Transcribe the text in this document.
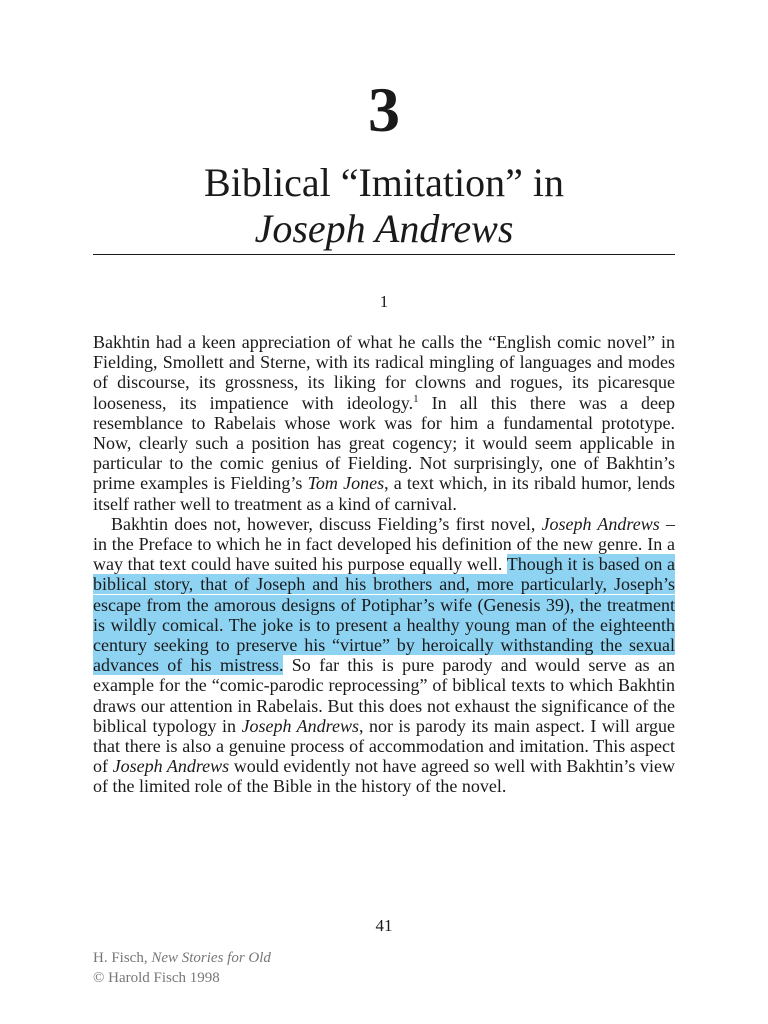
3
Biblical “Imitation” in
Joseph Andrews
1

Bakhtin had a keen appreciation of what he calls the “English comic novel” in Fielding, Smollett and Sterne, with its radical mingling of languages and modes of discourse, its grossness, its liking for clowns and rogues, its picaresque looseness, its impatience with ideology.$^1$ In all this there was a deep resemblance to Rabelais whose work was for him a fundamental prototype. Now, clearly such a position has great cogency; it would seem applicable in particular to the comic genius of Fielding. Not surprisingly, one of Bakhtin’s prime examples is Fielding’s Tom Jones, a text which, in its ribald humor, lends itself rather well to treatment as a kind of carnival.

Bakhtin does not, however, discuss Fielding’s first novel, Joseph Andrews – in the Preface to which he in fact developed his definition of the new genre. In a way that text could have suited his purpose equally well. Though it is based on a biblical story, that of Joseph and his brothers and, more particularly, Joseph’s escape from the amorous designs of Potiphar’s wife (Genesis 39), the treatment is wildly comical. The joke is to present a healthy young man of the eighteenth century seeking to preserve his “virtue” by heroically withstanding the sexual advances of his mistress. So far this is pure parody and would serve as an example for the “comic-parodic reprocessing” of biblical texts to which Bakhtin draws our attention in Rabelais. But this does not exhaust the significance of the biblical typology in Joseph Andrews, nor is parody its main aspect. I will argue that there is also a genuine process of accommodation and imitation. This aspect of Joseph Andrews would evidently not have agreed so well with Bakhtin’s view of the limited role of the Bible in the history of the novel.

41
H. Fisch, New Stories for Old
© Harold Fisch 1998
